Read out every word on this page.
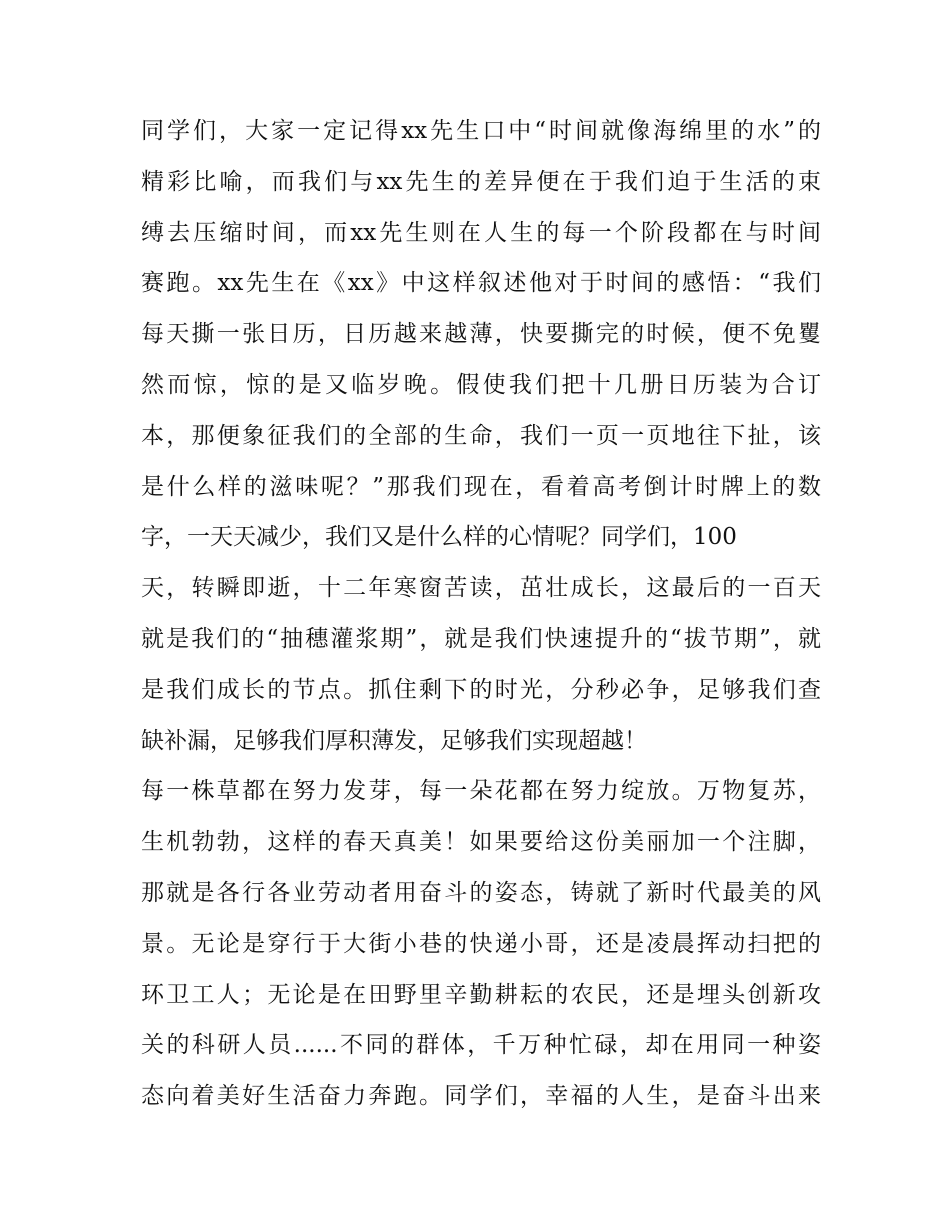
同学们，大家一定记得xx先生口中“时间就像海绵里的水”的
精彩比喻，而我们与xx先生的差异便在于我们迫于生活的束
缚去压缩时间，而xx先生则在人生的每一个阶段都在与时间
赛跑。xx先生在《xx》中这样叙述他对于时间的感悟：“我们
每天撕一张日历，日历越来越薄，快要撕完的时候，便不免矍
然而惊，惊的是又临岁晚。假使我们把十几册日历装为合订
本，那便象征我们的全部的生命，我们一页一页地往下扯，该
是什么样的滋味呢？”那我们现在，看着高考倒计时牌上的数
字，一天天减少，我们又是什么样的心情呢？同学们，100
天，转瞬即逝，十二年寒窗苦读，茁壮成长，这最后的一百天
就是我们的“抽穗灌浆期”，就是我们快速提升的“拔节期”，就
是我们成长的节点。抓住剩下的时光，分秒必争，足够我们查
缺补漏，足够我们厚积薄发，足够我们实现超越！
每一株草都在努力发芽，每一朵花都在努力绽放。万物复苏，
生机勃勃，这样的春天真美！如果要给这份美丽加一个注脚，
那就是各行各业劳动者用奋斗的姿态，铸就了新时代最美的风
景。无论是穿行于大街小巷的快递小哥，还是凌晨挥动扫把的
环卫工人；无论是在田野里辛勤耕耘的农民，还是埋头创新攻
关的科研人员......不同的群体，千万种忙碌，却在用同一种姿
态向着美好生活奋力奔跑。同学们，幸福的人生，是奋斗出来
